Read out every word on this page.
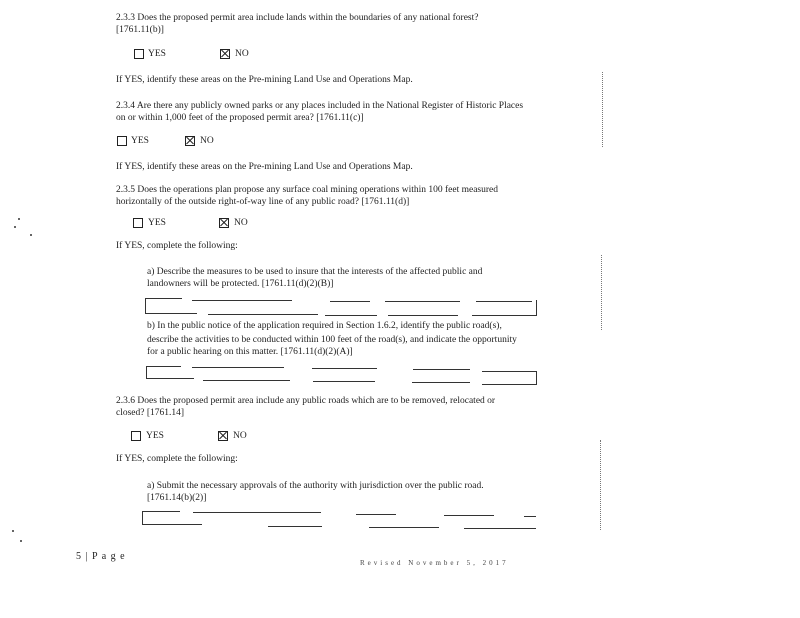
2.3.3 Does the proposed permit area include lands within the boundaries of any national forest?
[1761.11(b)]
YES	NO
If YES, identify these areas on the Pre-mining Land Use and Operations Map.
2.3.4 Are there any publicly owned parks or any places included in the National Register of Historic Places
on or within 1,000 feet of the proposed permit area? [1761.11(c)]
YES	NO
If YES, identify these areas on the Pre-mining Land Use and Operations Map.
2.3.5 Does the operations plan propose any surface coal mining operations within 100 feet measured
horizontally of the outside right-of-way line of any public road? [1761.11(d)]
YES	NO
If YES, complete the following:
a) Describe the measures to be used to insure that the interests of the affected public and
landowners will be protected. [1761.11(d)(2)(B)]
b) In the public notice of the application required in Section 1.6.2, identify the public road(s),
describe the activities to be conducted within 100 feet of the road(s), and indicate the opportunity
for a public hearing on this matter. [1761.11(d)(2)(A)]
2.3.6 Does the proposed permit area include any public roads which are to be removed, relocated or
closed? [1761.14]
YES	NO
If YES, complete the following:
a) Submit the necessary approvals of the authority with jurisdiction over the public road.
[1761.14(b)(2)]
5 | P a g e
Revised November 5, 2017
